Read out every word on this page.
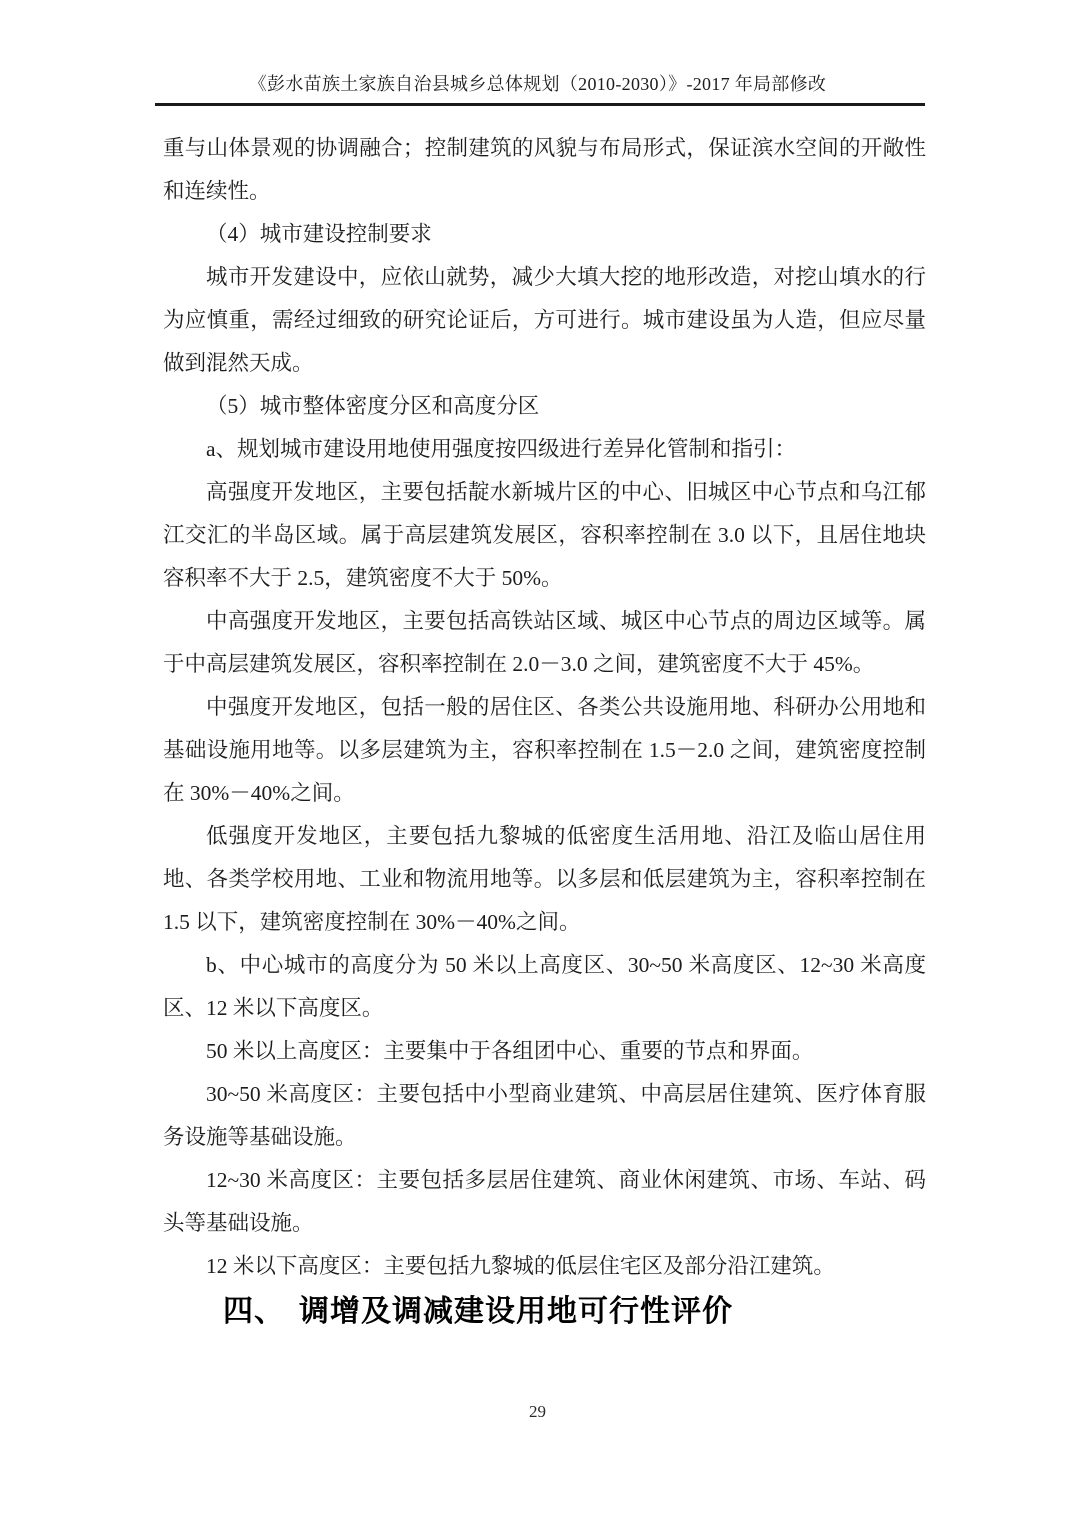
《彭水苗族土家族自治县城乡总体规划（2010-2030）》-2017 年局部修改

重与山体景观的协调融合；控制建筑的风貌与布局形式，保证滨水空间的开敞性和连续性。

（4）城市建设控制要求

城市开发建设中，应依山就势，减少大填大挖的地形改造，对挖山填水的行为应慎重，需经过细致的研究论证后，方可进行。城市建设虽为人造，但应尽量做到混然天成。

（5）城市整体密度分区和高度分区

a、规划城市建设用地使用强度按四级进行差异化管制和指引：

高强度开发地区，主要包括靛水新城片区的中心、旧城区中心节点和乌江郁江交汇的半岛区域。属于高层建筑发展区，容积率控制在 3.0 以下，且居住地块容积率不大于 2.5，建筑密度不大于 50%。

中高强度开发地区，主要包括高铁站区域、城区中心节点的周边区域等。属于中高层建筑发展区，容积率控制在 2.0－3.0 之间，建筑密度不大于 45%。

中强度开发地区，包括一般的居住区、各类公共设施用地、科研办公用地和基础设施用地等。以多层建筑为主，容积率控制在 1.5－2.0 之间，建筑密度控制在 30%－40%之间。

低强度开发地区，主要包括九黎城的低密度生活用地、沿江及临山居住用地、各类学校用地、工业和物流用地等。以多层和低层建筑为主，容积率控制在 1.5 以下，建筑密度控制在 30%－40%之间。

b、中心城市的高度分为 50 米以上高度区、30~50 米高度区、12~30 米高度区、12 米以下高度区。

50 米以上高度区：主要集中于各组团中心、重要的节点和界面。

30~50 米高度区：主要包括中小型商业建筑、中高层居住建筑、医疗体育服务设施等基础设施。

12~30 米高度区：主要包括多层居住建筑、商业休闲建筑、市场、车站、码头等基础设施。

12 米以下高度区：主要包括九黎城的低层住宅区及部分沿江建筑。

四、 调增及调减建设用地可行性评价

29
